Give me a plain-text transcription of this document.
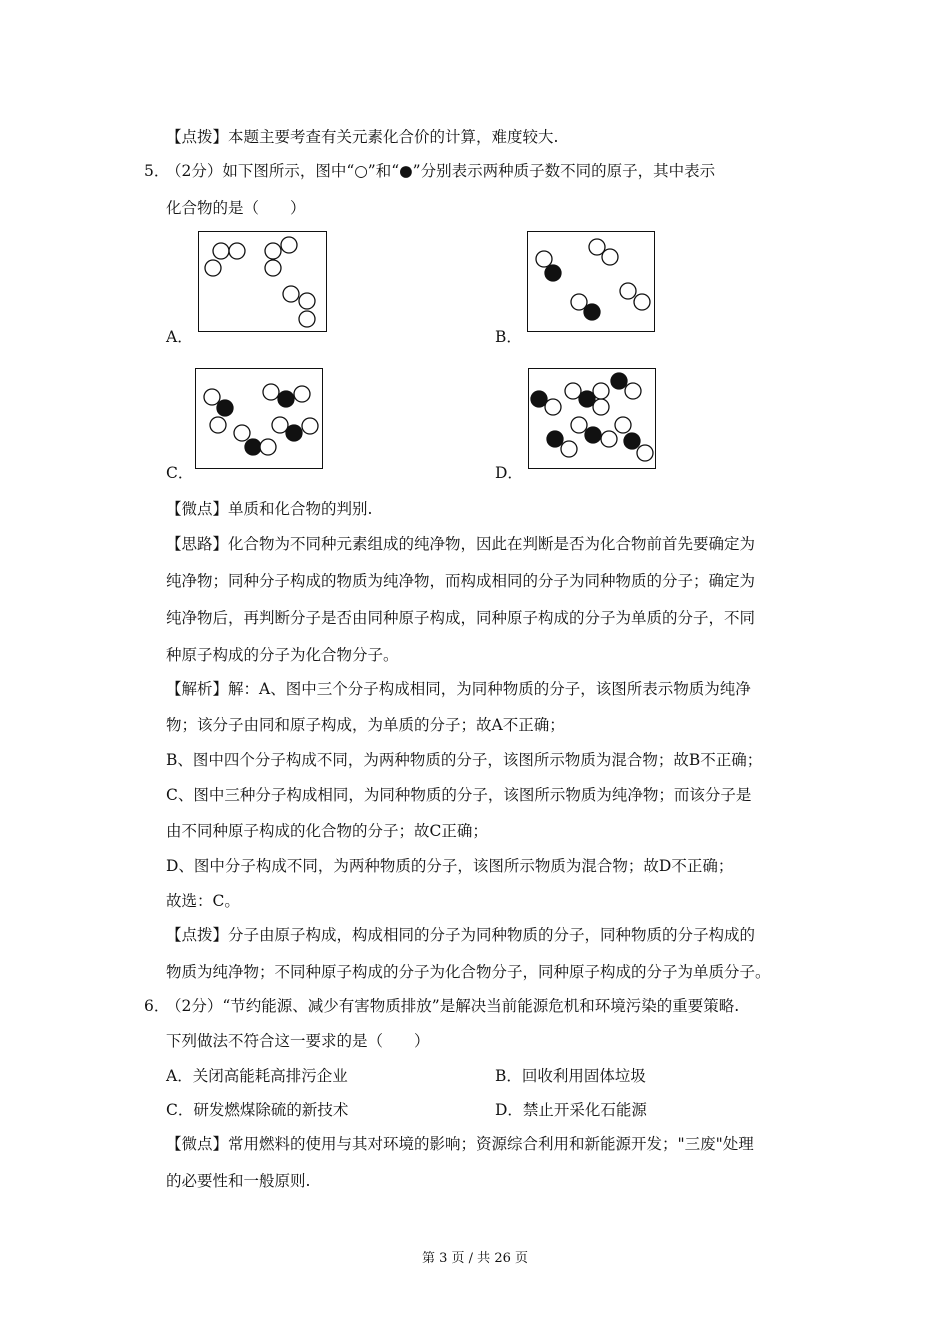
【点拨】本题主要考查有关元素化合价的计算，难度较大.
5．
（2分）如下图所示，图中“○”和“●”分别表示两种质子数不同的原子，其中表示
化合物的是（　　）
A．	B．
C．	D．
【微点】单质和化合物的判别.
【思路】化合物为不同种元素组成的纯净物，因此在判断是否为化合物前首先要确定为
纯净物；同种分子构成的物质为纯净物，而构成相同的分子为同种物质的分子；确定为
纯净物后，再判断分子是否由同种原子构成，同种原子构成的分子为单质的分子，不同
种原子构成的分子为化合物分子。
【解析】解：A、图中三个分子构成相同，为同种物质的分子，该图所表示物质为纯净
物；该分子由同和原子构成，为单质的分子；故A不正确；
B、图中四个分子构成不同，为两种物质的分子，该图所示物质为混合物；故B不正确；
C、图中三种分子构成相同，为同种物质的分子，该图所示物质为纯净物；而该分子是
由不同种原子构成的化合物的分子；故C正确；
D、图中分子构成不同，为两种物质的分子，该图所示物质为混合物；故D不正确；
故选：C。
【点拨】分子由原子构成，构成相同的分子为同种物质的分子，同种物质的分子构成的
物质为纯净物；不同种原子构成的分子为化合物分子，同种原子构成的分子为单质分子。
6．
（2分）“节约能源、减少有害物质排放”是解决当前能源危机和环境污染的重要策略.
下列做法不符合这一要求的是（　　）
A．关闭高能耗高排污企业	B．回收利用固体垃圾
C．研发燃煤除硫的新技术	D．禁止开采化石能源
【微点】常用燃料的使用与其对环境的影响；资源综合利用和新能源开发；"三废"处理
的必要性和一般原则.
第 3 页 / 共 26 页
